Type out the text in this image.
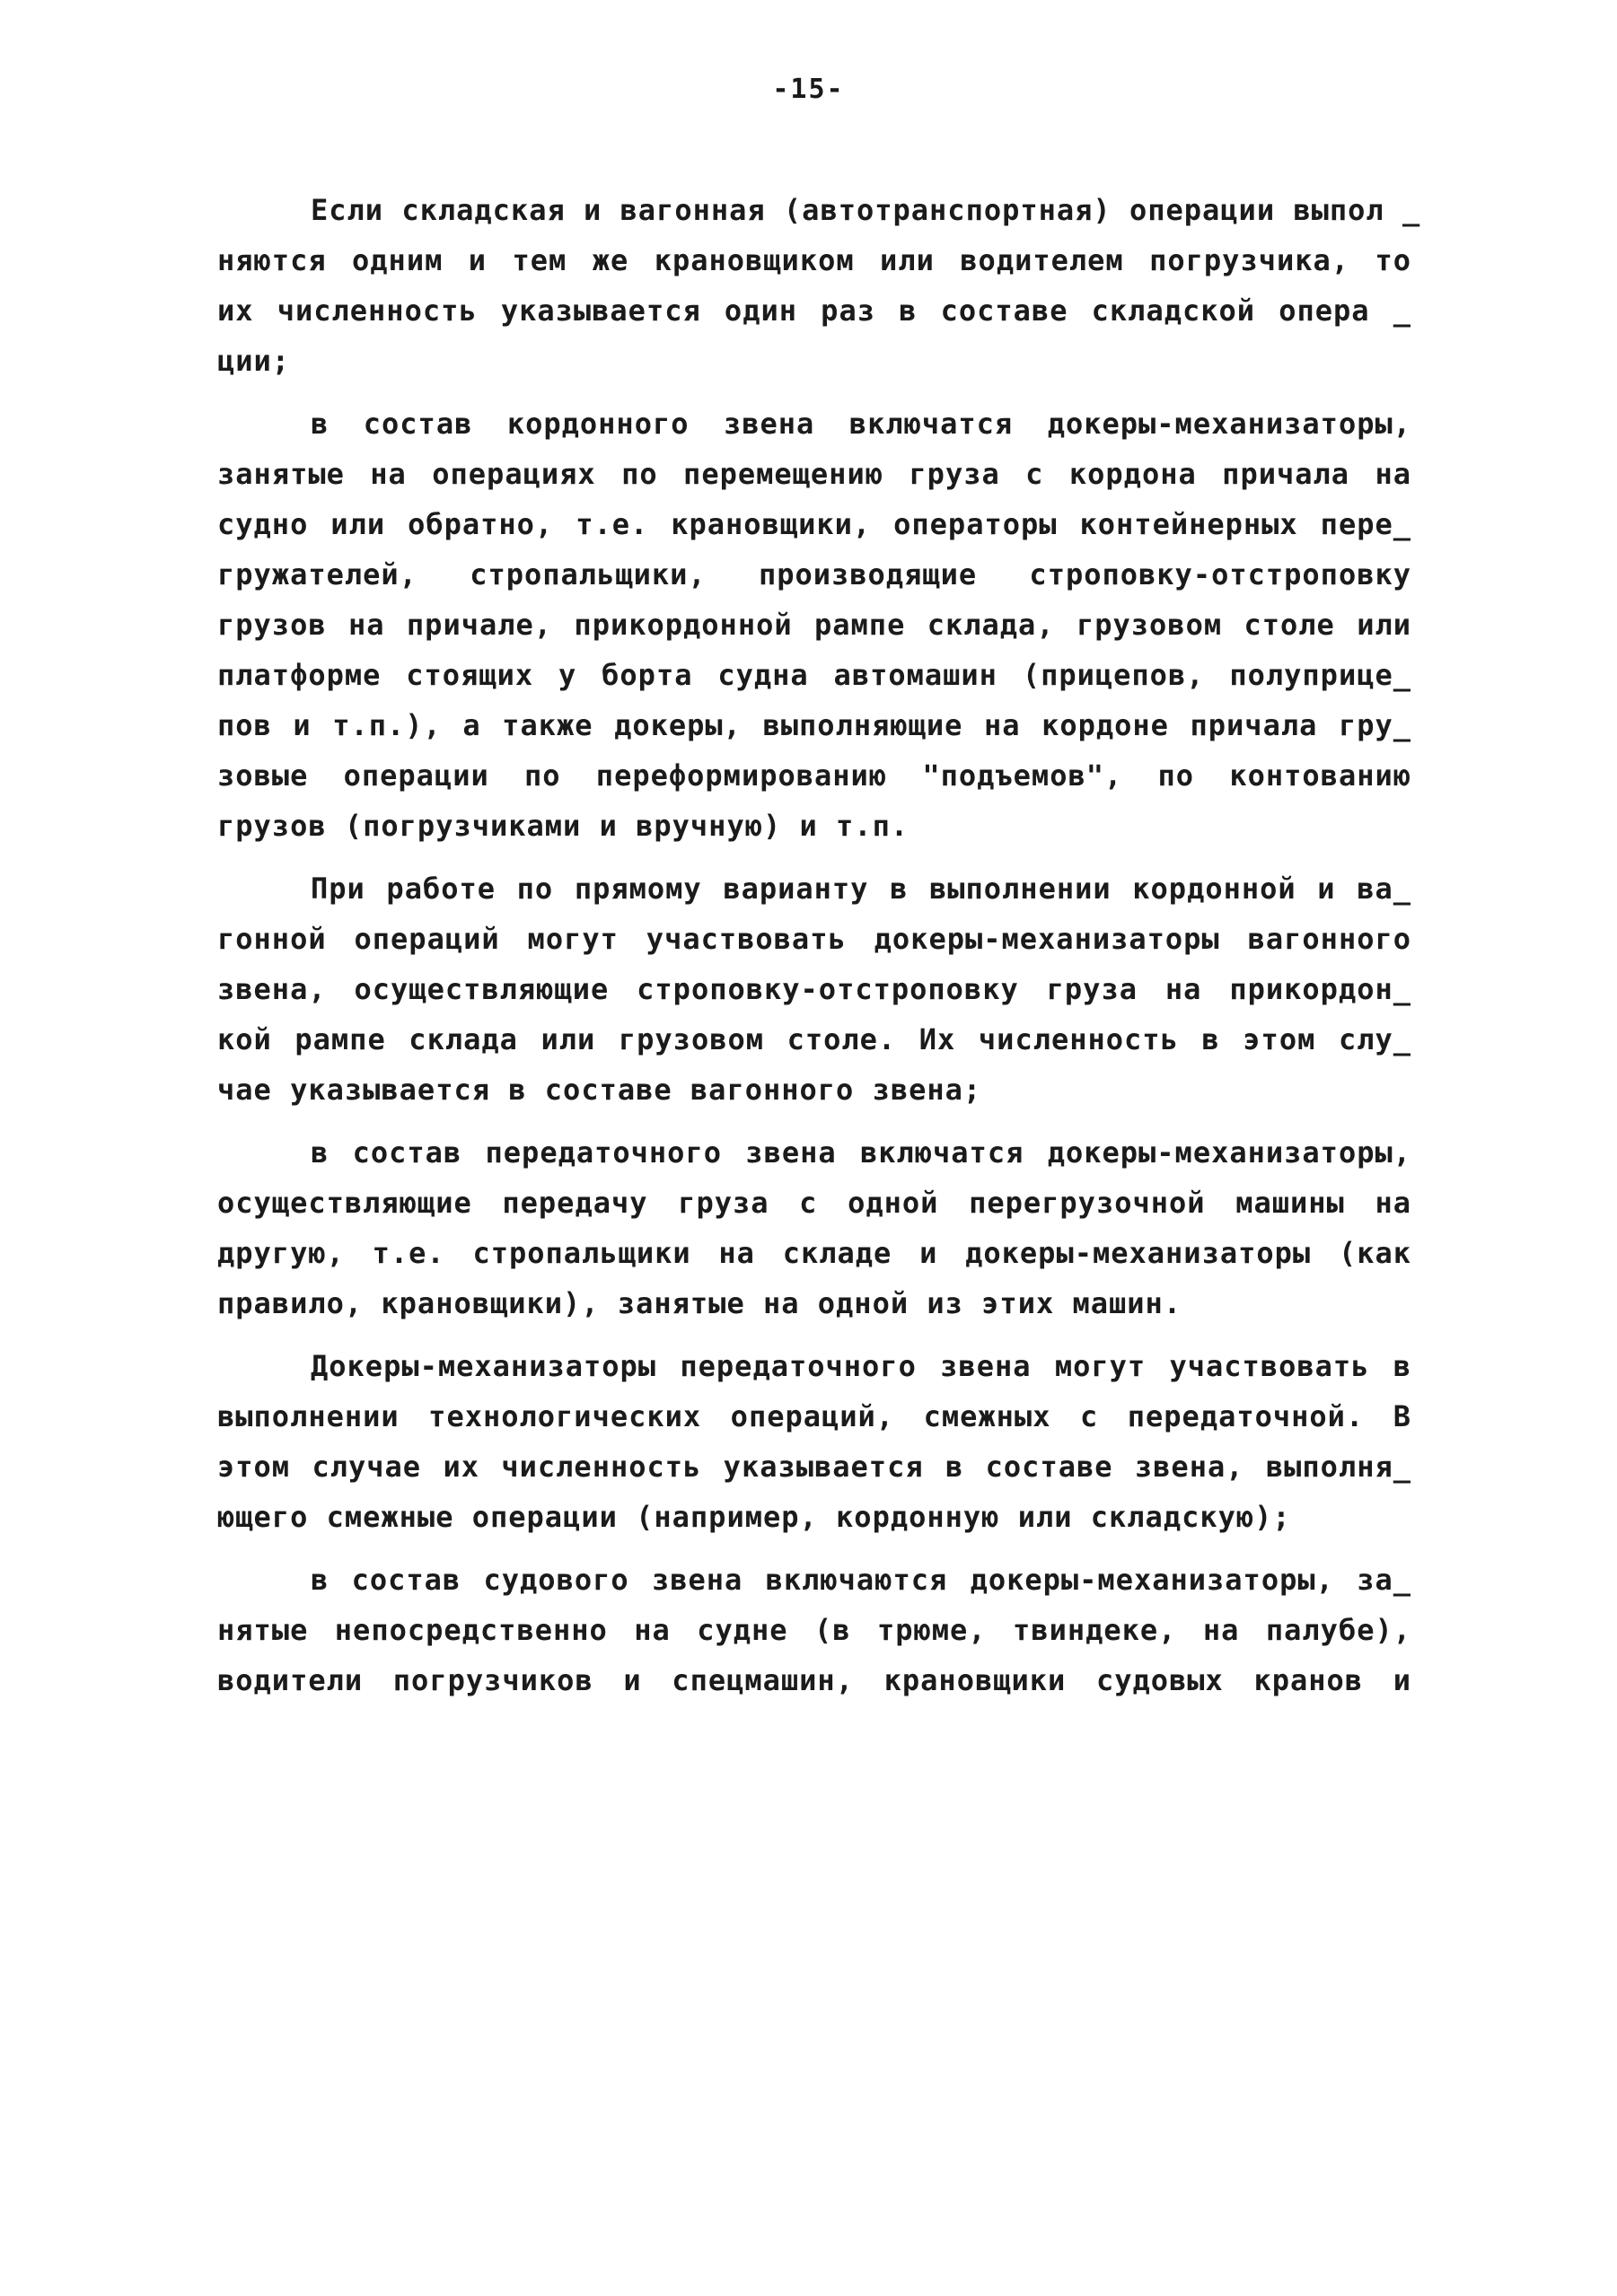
-15-
Если складская и вагонная (автотранспортная) операции выпол _
няются одним и тем же крановщиком или водителем погрузчика, то
их численность указывается один раз в составе складской опера _
ции;
в состав кордонного звена включатся докеры-механизаторы,
занятые на операциях по перемещению груза с кордона причала на
судно или обратно, т.е. крановщики, операторы контейнерных пере_
гружателей, стропальщики, производящие строповку-отстроповку
грузов на причале, прикордонной рампе склада, грузовом столе или
платформе стоящих у борта судна автомашин (прицепов, полуприце_
пов и т.п.), а также докеры, выполняющие на кордоне причала гру_
зовые операции по переформированию "подъемов", по контованию
грузов (погрузчиками и вручную) и т.п.
При работе по прямому варианту в выполнении кордонной и ва_
гонной операций могут участвовать докеры-механизаторы вагонного
звена, осуществляющие строповку-отстроповку груза на прикордон_
кой рампе склада или грузовом столе. Их численность в этом слу_
чае указывается в составе вагонного звена;
в состав передаточного звена включатся докеры-механизаторы,
осуществляющие передачу груза с одной перегрузочной машины на
другую, т.е. стропальщики на складе и докеры-механизаторы (как
правило, крановщики), занятые на одной из этих машин.
Докеры-механизаторы передаточного звена могут участвовать в
выполнении технологических операций, смежных с передаточной. В
этом случае их численность указывается в составе звена, выполня_
ющего смежные операции (например, кордонную или складскую);
в состав судового звена включаются докеры-механизаторы, за_
нятые непосредственно на судне (в трюме, твиндеке, на палубе),
водители погрузчиков и спецмашин, крановщики судовых кранов и
